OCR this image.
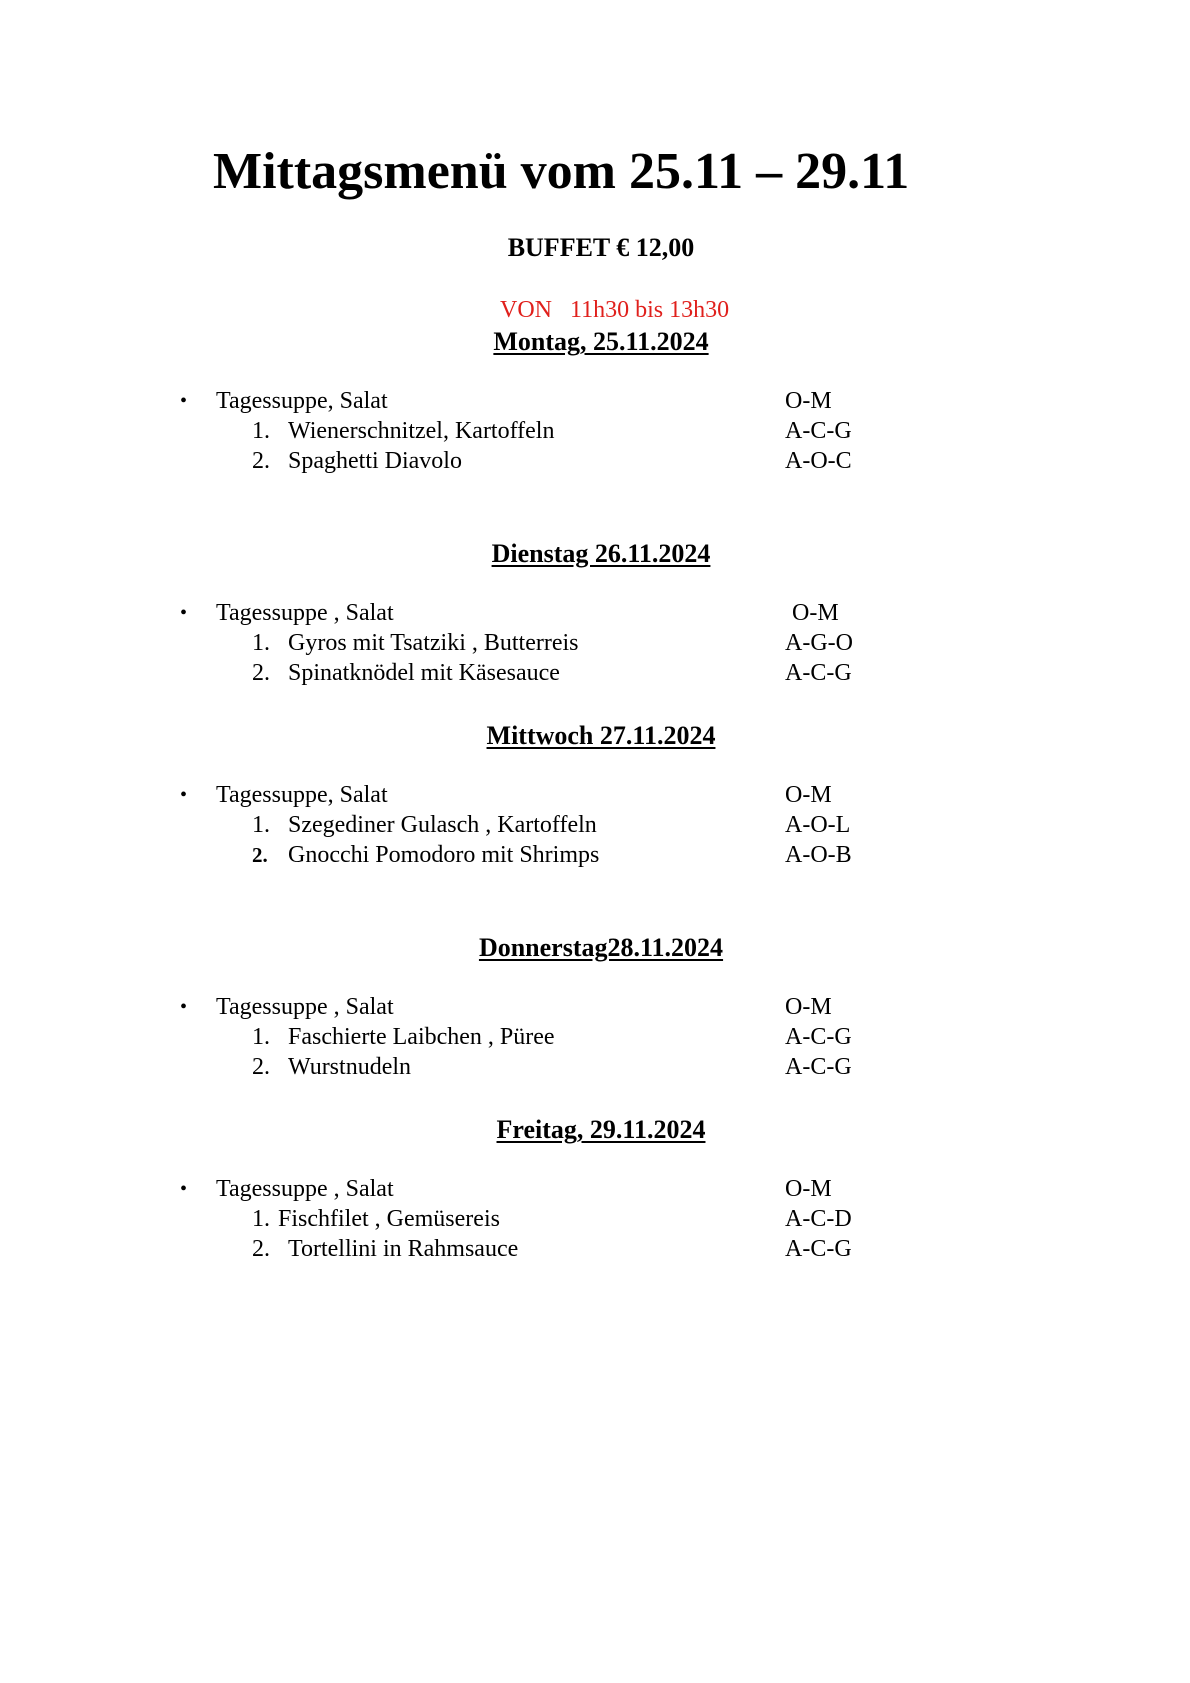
Mittagsmenü vom 25.11 – 29.11
BUFFET € 12,00
VON   11h30 bis 13h30
Montag, 25.11.2024
• Tagessuppe, Salat	O-M
1. Wienerschnitzel, Kartoffeln	A-C-G
2. Spaghetti Diavolo	A-O-C
Dienstag 26.11.2024
• Tagessuppe , Salat	O-M
1. Gyros mit Tsatziki , Butterreis	A-G-O
2. Spinatknödel mit Käsesauce	A-C-G
Mittwoch 27.11.2024
• Tagessuppe, Salat	O-M
1. Szegediner Gulasch , Kartoffeln	A-O-L
2. Gnocchi Pomodoro mit Shrimps	A-O-B
Donnerstag28.11.2024
• Tagessuppe , Salat	O-M
1. Faschierte Laibchen , Püree	A-C-G
2. Wurstnudeln	A-C-G
Freitag, 29.11.2024
• Tagessuppe , Salat	O-M
1. Fischfilet , Gemüsereis	A-C-D
2. Tortellini in Rahmsauce	A-C-G
